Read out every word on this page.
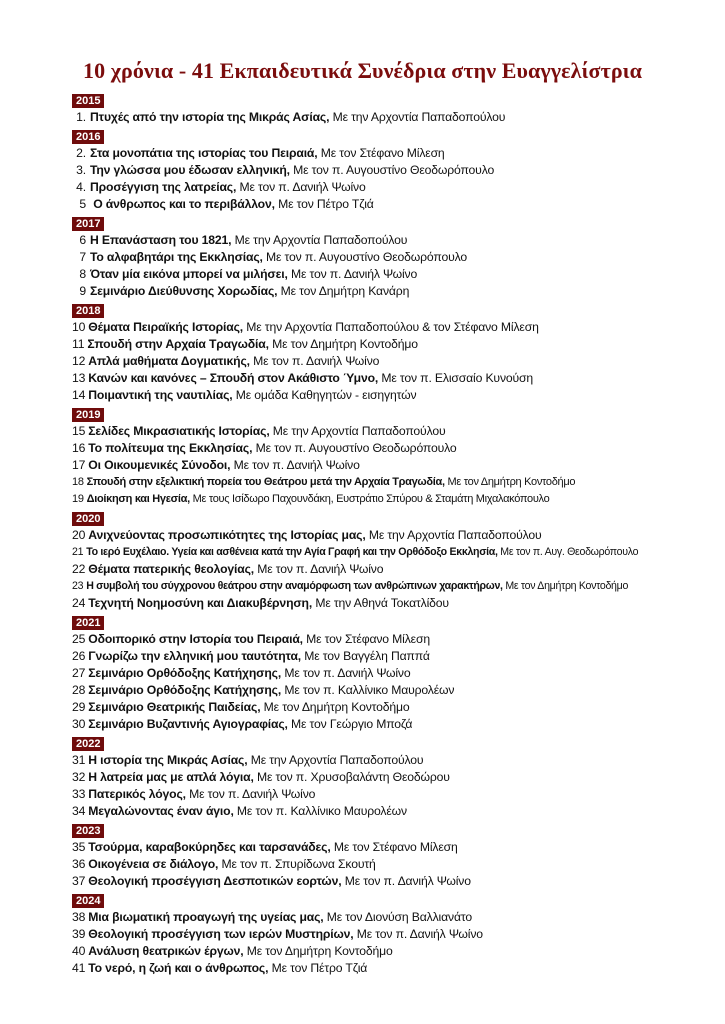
10 χρόνια - 41 Εκπαιδευτικά Συνέδρια στην Ευαγγελίστρια
2015
1. Πτυχές από την ιστορία της Μικράς Ασίας, Με την Αρχοντία Παπαδοπούλου
2016
2. Στα μονοπάτια της ιστορίας του Πειραιά, Με τον Στέφανο Μίλεση
3. Την γλώσσα μου έδωσαν ελληνική, Με τον π. Αυγουστίνο Θεοδωρόπουλο
4. Προσέγγιση της λατρείας, Με τον π. Δανιήλ Ψωίνο
5 Ο άνθρωπος και το περιβάλλον, Με τον Πέτρο Τζιά
2017
6 Η Επανάσταση του 1821, Με την Αρχοντία Παπαδοπούλου
7 Το αλφαβητάρι της Εκκλησίας, Με τον π. Αυγουστίνο Θεοδωρόπουλο
8 Όταν μία εικόνα μπορεί να μιλήσει, Με τον π. Δανιήλ Ψωίνο
9 Σεμινάριο Διεύθυνσης Χορωδίας, Με τον Δημήτρη Κανάρη
2018
10 Θέματα Πειραϊκής Ιστορίας, Με την Αρχοντία Παπαδοπούλου & τον Στέφανο Μίλεση
11 Σπουδή στην Αρχαία Τραγωδία, Με τον Δημήτρη Κοντοδήμο
12 Απλά μαθήματα Δογματικής, Με τον π. Δανιήλ Ψωίνο
13 Κανών και κανόνες – Σπουδή στον Ακάθιστο Ύμνο, Με τον π. Ελισσαίο Κυνούση
14 Ποιμαντική της ναυτιλίας, Με ομάδα Καθηγητών - εισηγητών
2019
15 Σελίδες Μικρασιατικής Ιστορίας, Με την Αρχοντία Παπαδοπούλου
16 Το πολίτευμα της Εκκλησίας, Με τον π. Αυγουστίνο Θεοδωρόπουλο
17 Οι Οικουμενικές Σύνοδοι, Με τον π. Δανιήλ Ψωίνο
18 Σπουδή στην εξελικτική πορεία του Θεάτρου μετά την Αρχαία Τραγωδία, Με τον Δημήτρη Κοντοδήμο
19 Διοίκηση και Ηγεσία, Με τους Ισίδωρο Παχουνδάκη, Ευστράτιο Σπύρου & Σταμάτη Μιχαλακόπουλο
2020
20 Ανιχνεύοντας προσωπικότητες της Ιστορίας μας, Με την Αρχοντία Παπαδοπούλου
21 Το ιερό Ευχέλαιο. Υγεία και ασθένεια κατά την Αγία Γραφή και την Ορθόδοξο Εκκλησία, Με τον π. Αυγ. Θεοδωρόπουλο
22 Θέματα πατερικής θεολογίας, Με τον π. Δανιήλ Ψωίνο
23 Η συμβολή του σύγχρονου θεάτρου στην αναμόρφωση των ανθρώπινων χαρακτήρων, Με τον Δημήτρη Κοντοδήμο
24 Τεχνητή Νοημοσύνη και Διακυβέρνηση, Με την Αθηνά Τοκατλίδου
2021
25 Οδοιπορικό στην Ιστορία του Πειραιά, Με τον Στέφανο Μίλεση
26 Γνωρίζω την ελληνική μου ταυτότητα, Με τον Βαγγέλη Παππά
27 Σεμινάριο Ορθόδοξης Κατήχησης, Με τον π. Δανιήλ Ψωίνο
28 Σεμινάριο Ορθόδοξης Κατήχησης, Με τον π. Καλλίνικο Μαυρολέων
29 Σεμινάριο Θεατρικής Παιδείας, Με τον Δημήτρη Κοντοδήμο
30 Σεμινάριο Βυζαντινής Αγιογραφίας, Με τον Γεώργιο Μποζά
2022
31 Η ιστορία της Μικράς Ασίας, Με την Αρχοντία Παπαδοπούλου
32 Η λατρεία μας με απλά λόγια, Με τον π. Χρυσοβαλάντη Θεοδώρου
33 Πατερικός λόγος, Με τον π. Δανιήλ Ψωίνο
34 Μεγαλώνοντας έναν άγιο, Με τον π. Καλλίνικο Μαυρολέων
2023
35 Τσούρμα, καραβοκύρηδες και ταρσανάδες, Με τον Στέφανο Μίλεση
36 Οικογένεια σε διάλογο, Με τον π. Σπυρίδωνα Σκουτή
37 Θεολογική προσέγγιση Δεσποτικών εορτών, Με τον π. Δανιήλ Ψωίνο
2024
38 Μια βιωματική προαγωγή της υγείας μας, Με τον Διονύση Βαλλιανάτο
39 Θεολογική προσέγγιση των ιερών Μυστηρίων, Με τον π. Δανιήλ Ψωίνο
40 Ανάλυση θεατρικών έργων, Με τον Δημήτρη Κοντοδήμο
41 Το νερό, η ζωή και ο άνθρωπος, Με τον Πέτρο Τζιά
